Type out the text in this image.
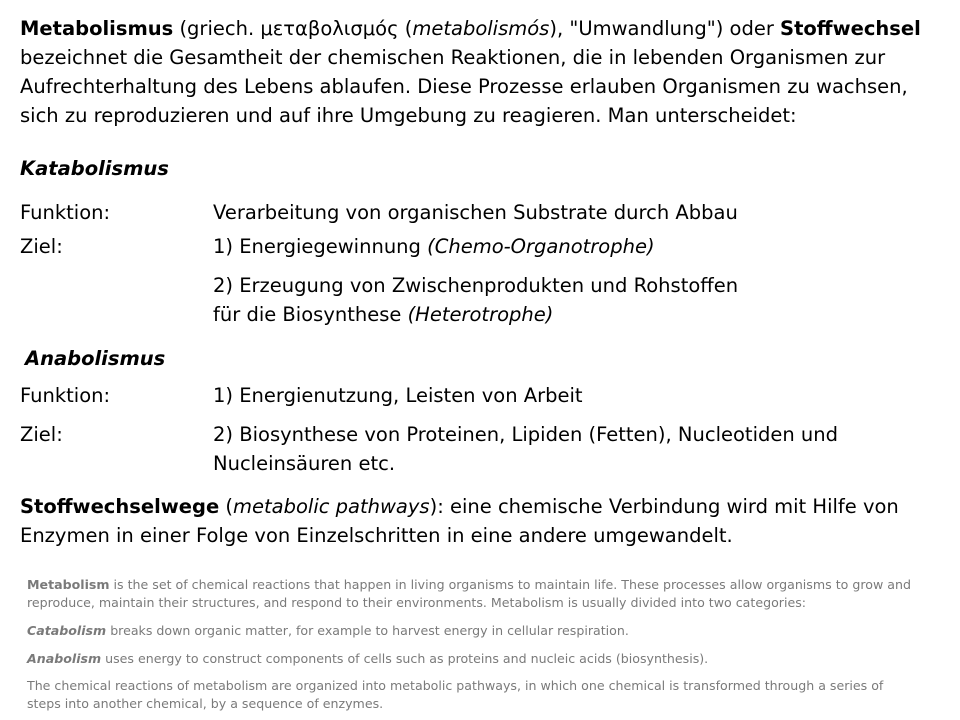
Metabolismus (griech. μεταβολισμός (metabolismós), "Umwandlung") oder Stoffwechsel bezeichnet die Gesamtheit der chemischen Reaktionen, die in lebenden Organismen zur Aufrechterhaltung des Lebens ablaufen. Diese Prozesse erlauben Organismen zu wachsen, sich zu reproduzieren und auf ihre Umgebung zu reagieren. Man unterscheidet:
Katabolismus
Funktion:	Verarbeitung von organischen Substrate durch Abbau
Ziel:	1) Energiegewinnung (Chemo-Organotrophe)
2) Erzeugung von Zwischenprodukten und Rohstoffen
für die Biosynthese (Heterotrophe)
Anabolismus
Funktion:	1) Energienutzung, Leisten von Arbeit
Ziel:	2) Biosynthese von Proteinen, Lipiden (Fetten), Nucleotiden und Nucleinsäuren etc.
Stoffwechselwege (metabolic pathways): eine chemische Verbindung wird mit Hilfe von Enzymen in einer Folge von Einzelschritten in eine andere umgewandelt.
Metabolism is the set of chemical reactions that happen in living organisms to maintain life. These processes allow organisms to grow and reproduce, maintain their structures, and respond to their environments. Metabolism is usually divided into two categories:
Catabolism breaks down organic matter, for example to harvest energy in cellular respiration.
Anabolism uses energy to construct components of cells such as proteins and nucleic acids (biosynthesis).
The chemical reactions of metabolism are organized into metabolic pathways, in which one chemical is transformed through a series of steps into another chemical, by a sequence of enzymes.
